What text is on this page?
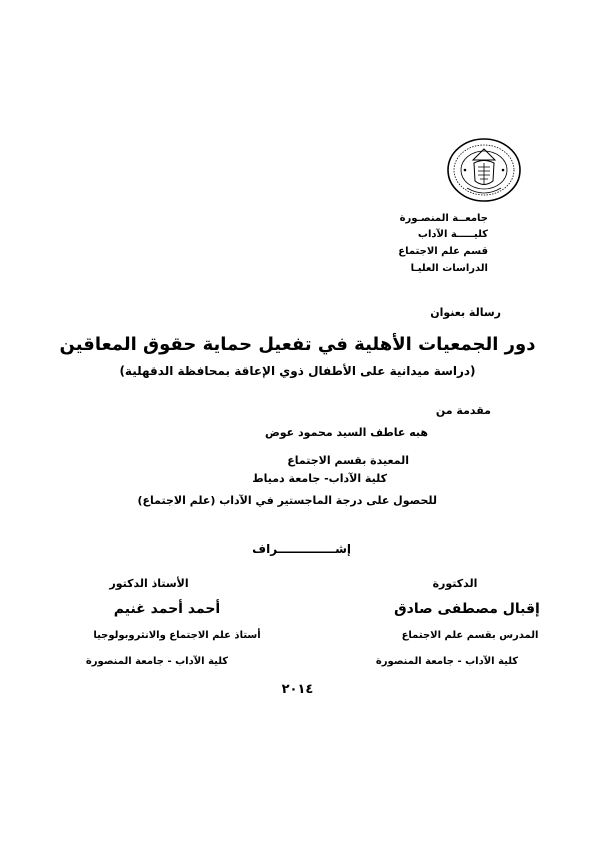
جامعــة المنصـورة
كليـــــة الآداب
قسم علم الاجتماع
الدراسات العليـا
رسالة بعنوان
دور الجمعيات الأهلية في تفعيل حماية حقوق المعاقين
(دراسة ميدانية على الأطفال ذوي الإعاقة بمحافظة الدقهلية)
مقدمة من
هبه عاطف السيد محمود عوض
المعيدة بقسم الاجتماع
كلية الآداب- جامعة دمياط
للحصول على درجة الماجستير في الآداب (علم الاجتماع)
إشــــــــــــــراف
الأستاذ الدكتور
أحمد أحمد غنيم
أستاذ علم الاجتماع والانثروبولوجيا
كلية الآداب - جامعة المنصورة
الدكتورة
إقبال مصطفى صادق
المدرس بقسم علم الاجتماع
كلية الآداب - جامعة المنصورة
٢٠١٤
